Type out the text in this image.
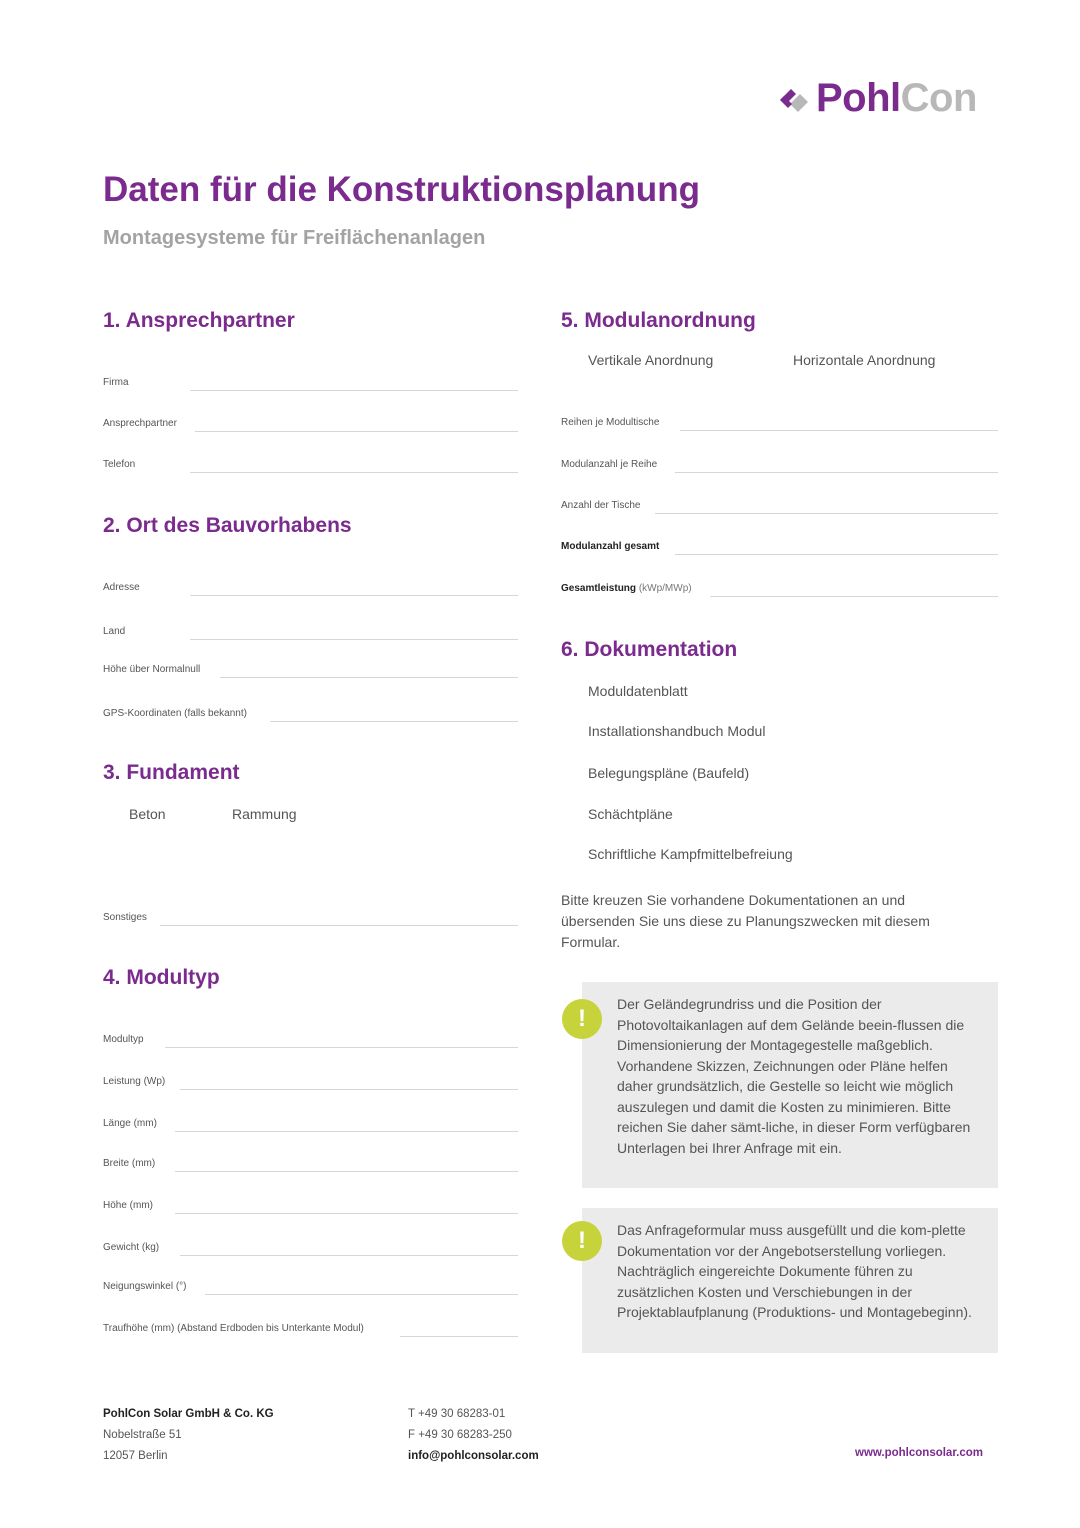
PohlCon
Daten für die Konstruktionsplanung
Montagesysteme für Freiflächenanlagen
1. Ansprechpartner
Firma
Ansprechpartner
Telefon
2. Ort des Bauvorhabens
Adresse
Land
Höhe über Normalnull
GPS-Koordinaten (falls bekannt)
3. Fundament
Beton	Rammung
Sonstiges
4. Modultyp
Modultyp
Leistung (Wp)
Länge (mm)
Breite (mm)
Höhe (mm)
Gewicht (kg)
Neigungswinkel (°)
Traufhöhe (mm) (Abstand Erdboden bis Unterkante Modul)
5. Modulanordnung
Vertikale Anordnung	Horizontale Anordnung
Reihen je Modultische
Modulanzahl je Reihe
Anzahl der Tische
Modulanzahl gesamt
Gesamtleistung (kWp/MWp)
6. Dokumentation
Moduldatenblatt
Installationshandbuch Modul
Belegungspläne (Baufeld)
Schächtpläne
Schriftliche Kampfmittelbefreiung
Bitte kreuzen Sie vorhandene Dokumentationen an und übersenden Sie uns diese zu Planungszwecken mit diesem Formular.
Der Geländegrundriss und die Position der Photovoltaikanlagen auf dem Gelände beein-flussen die Dimensionierung der Montagegestelle maßgeblich. Vorhandene Skizzen, Zeichnungen oder Pläne helfen daher grundsätzlich, die Gestelle so leicht wie möglich auszulegen und damit die Kosten zu minimieren. Bitte reichen Sie daher sämt-liche, in dieser Form verfügbaren Unterlagen bei Ihrer Anfrage mit ein.
!
Das Anfrageformular muss ausgefüllt und die kom-plette Dokumentation vor der Angebotserstellung vorliegen. Nachträglich eingereichte Dokumente führen zu zusätzlichen Kosten und Verschiebungen in der Projektablaufplanung (Produktions- und Montagebeginn).
!
PohlCon Solar GmbH & Co. KG
Nobelstraße 51
12057 Berlin
T +49 30 68283-01
F +49 30 68283-250
info@pohlconsolar.com	www.pohlconsolar.com
